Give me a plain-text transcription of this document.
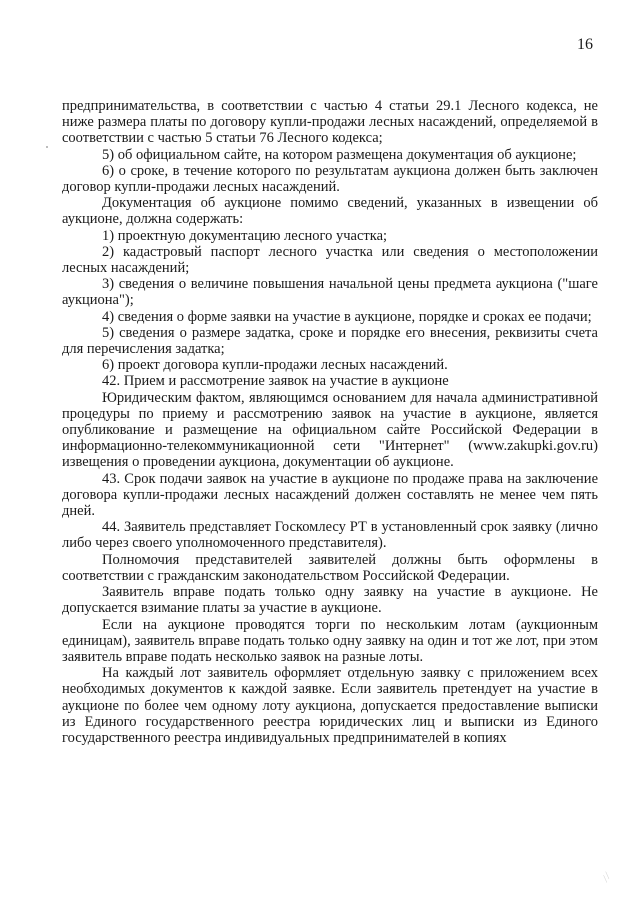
16

предпринимательства, в соответствии с частью 4 статьи 29.1 Лесного кодекса, не ниже размера платы по договору купли-продажи лесных насаждений, определяемой в соответствии с частью 5 статьи 76 Лесного кодекса;

5) об официальном сайте, на котором размещена документация об аукционе;

6) о сроке, в течение которого по результатам аукциона должен быть заключен договор купли-продажи лесных насаждений.

Документация об аукционе помимо сведений, указанных в извещении об аукционе, должна содержать:

1) проектную документацию лесного участка;

2) кадастровый паспорт лесного участка или сведения о местоположении лесных насаждений;

3) сведения о величине повышения начальной цены предмета аукциона ("шаге аукциона");

4) сведения о форме заявки на участие в аукционе, порядке и сроках ее подачи;

5) сведения о размере задатка, сроке и порядке его внесения, реквизиты счета для перечисления задатка;

6) проект договора купли-продажи лесных насаждений.

42. Прием и рассмотрение заявок на участие в аукционе

Юридическим фактом, являющимся основанием для начала административной процедуры по приему и рассмотрению заявок на участие в аукционе, является опубликование и размещение на официальном сайте Российской Федерации в информационно-телекоммуникационной сети "Интернет" (www.zakupki.gov.ru) извещения о проведении аукциона, документации об аукционе.

43. Срок подачи заявок на участие в аукционе по продаже права на заключение договора купли-продажи лесных насаждений должен составлять не менее чем пять дней.

44. Заявитель представляет Госкомлесу РТ в установленный срок заявку (лично либо через своего уполномоченного представителя).

Полномочия представителей заявителей должны быть оформлены в соответствии с гражданским законодательством Российской Федерации.

Заявитель вправе подать только одну заявку на участие в аукционе. Не допускается взимание платы за участие в аукционе.

Если на аукционе проводятся торги по нескольким лотам (аукционным единицам), заявитель вправе подать только одну заявку на один и тот же лот, при этом заявитель вправе подать несколько заявок на разные лоты.

На каждый лот заявитель оформляет отдельную заявку с приложением всех необходимых документов к каждой заявке. Если заявитель претендует на участие в аукционе по более чем одному лоту аукциона, допускается предоставление выписки из Единого государственного реестра юридических лиц и выписки из Единого государственного реестра индивидуальных предпринимателей в копиях

⁄ ⁄
